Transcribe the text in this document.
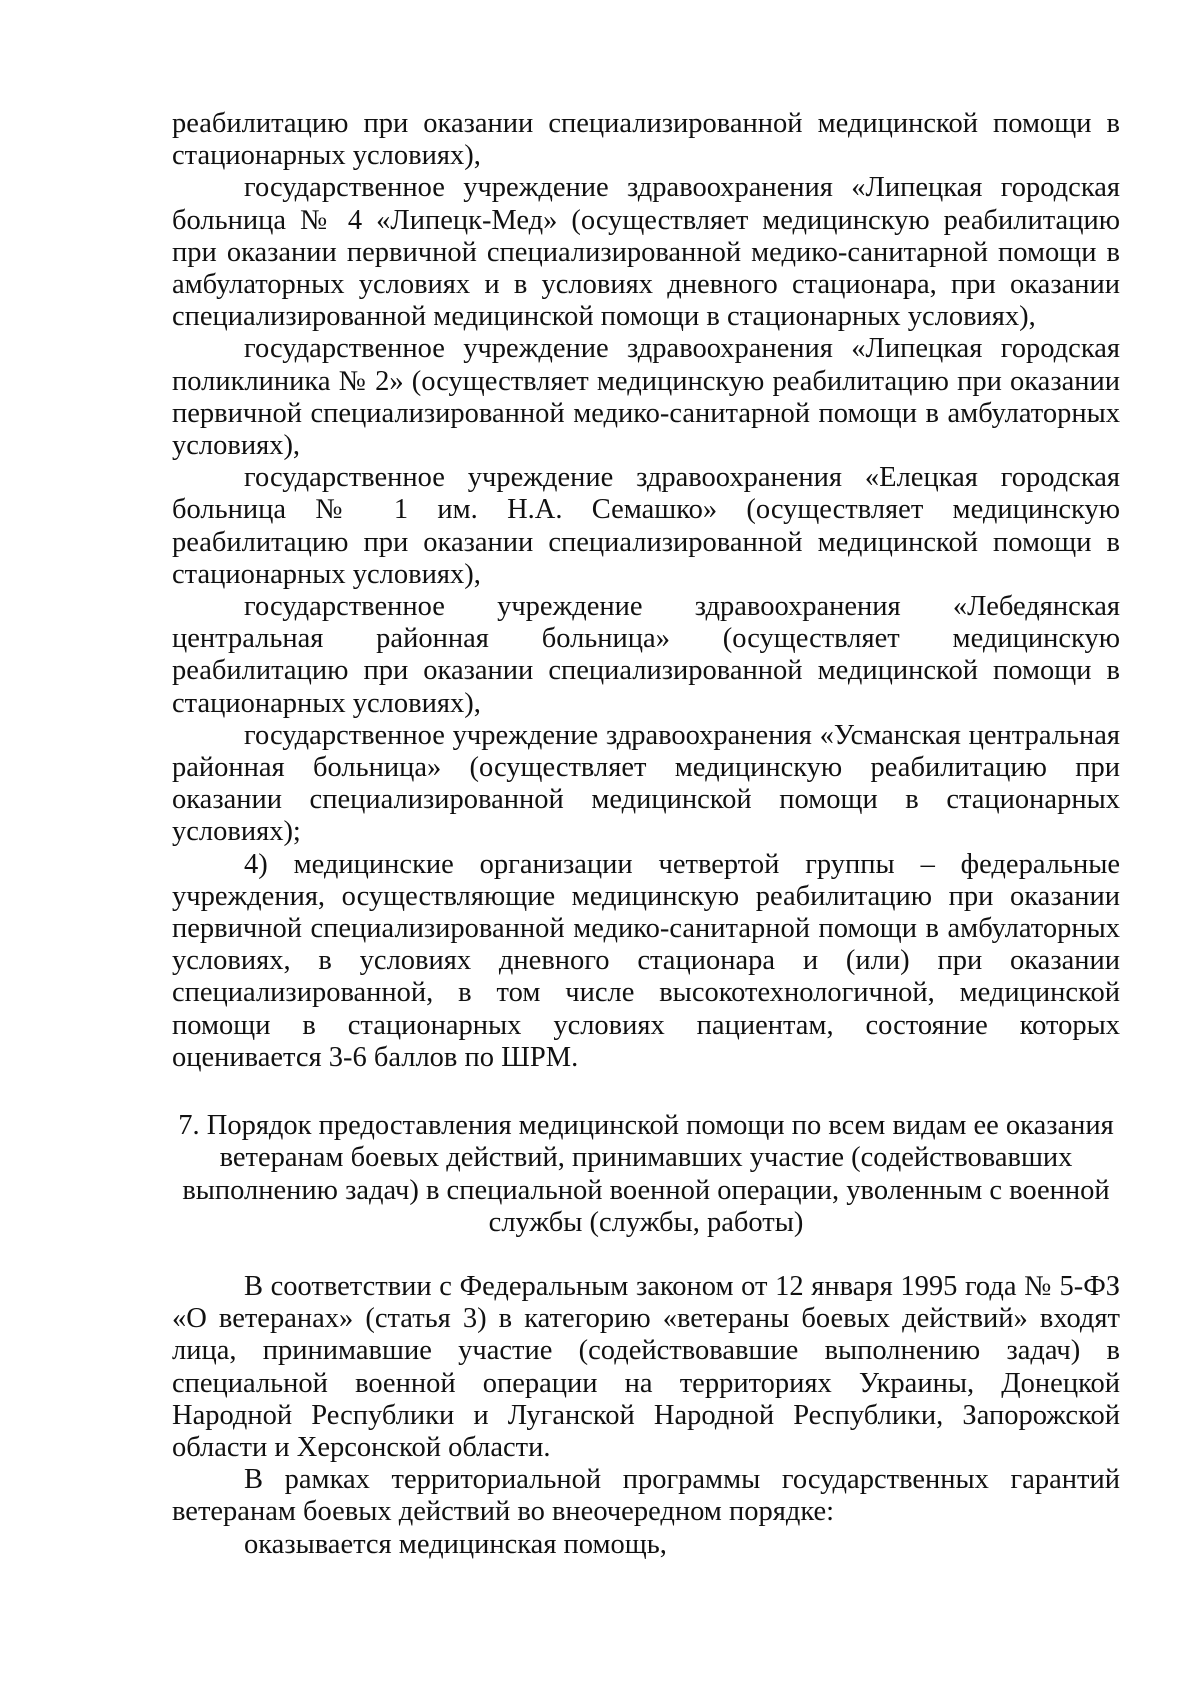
реабилитацию при оказании специализированной медицинской помощи в стационарных условиях),

государственное учреждение здравоохранения «Липецкая городская больница № 4 «Липецк-Мед» (осуществляет медицинскую реабилитацию при оказании первичной специализированной медико-санитарной помощи в амбулаторных условиях и в условиях дневного стационара, при оказании специализированной медицинской помощи в стационарных условиях),

государственное учреждение здравоохранения «Липецкая городская поликлиника № 2» (осуществляет медицинскую реабилитацию при оказании первичной специализированной медико-санитарной помощи в амбулаторных условиях),

государственное учреждение здравоохранения «Елецкая городская больница № 1 им. Н.А. Семашко» (осуществляет медицинскую реабилитацию при оказании специализированной медицинской помощи в стационарных условиях),

государственное учреждение здравоохранения «Лебедянская центральная районная больница» (осуществляет медицинскую реабилитацию при оказании специализированной медицинской помощи в стационарных условиях),

государственное учреждение здравоохранения «Усманская центральная районная больница» (осуществляет медицинскую реабилитацию при оказании специализированной медицинской помощи в стационарных условиях);

4) медицинские организации четвертой группы – федеральные учреждения, осуществляющие медицинскую реабилитацию при оказании первичной специализированной медико-санитарной помощи в амбулаторных условиях, в условиях дневного стационара и (или) при оказании специализированной, в том числе высокотехнологичной, медицинской помощи в стационарных условиях пациентам, состояние которых оценивается 3-6 баллов по ШРМ.

7. Порядок предоставления медицинской помощи по всем видам ее оказания ветеранам боевых действий, принимавших участие (содействовавших выполнению задач) в специальной военной операции, уволенным с военной службы (службы, работы)

В соответствии с Федеральным законом от 12 января 1995 года № 5-ФЗ «О ветеранах» (статья 3) в категорию «ветераны боевых действий» входят лица, принимавшие участие (содействовавшие выполнению задач) в специальной военной операции на территориях Украины, Донецкой Народной Республики и Луганской Народной Республики, Запорожской области и Херсонской области.

В рамках территориальной программы государственных гарантий ветеранам боевых действий во внеочередном порядке:

оказывается медицинская помощь,
